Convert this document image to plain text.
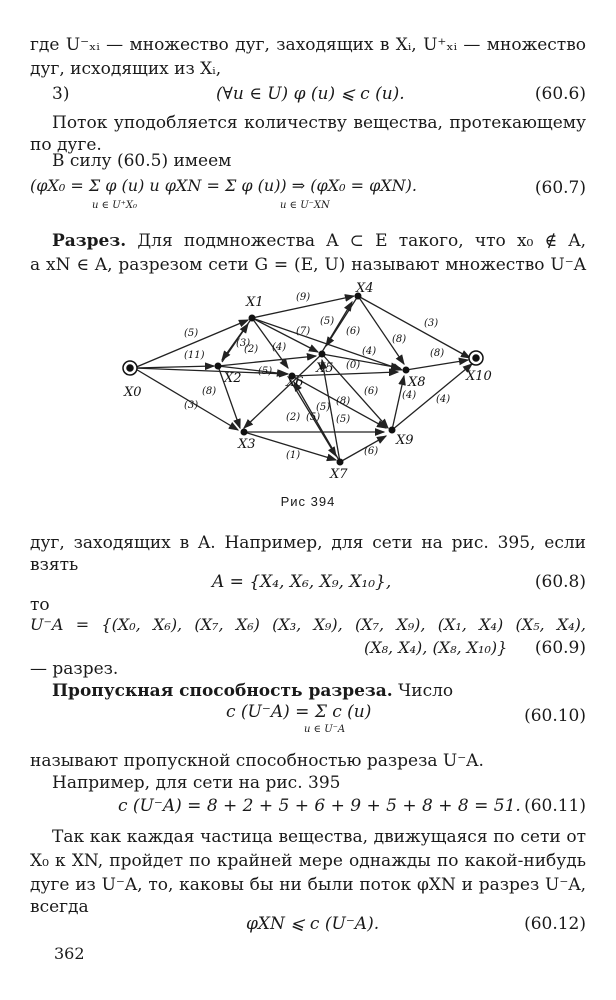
где U⁻ₓᵢ — множество дуг, заходящих в Xᵢ, U⁺ₓᵢ — множество
дуг, исходящих из Xᵢ,
3)	(∀u ∈ U) φ (u) ⩽ c (u).	(60.6)
Поток уподобляется количеству вещества, протекающему
по дуге.
В силу (60.5) имеем
(φX₀ = Σ φ (u) и φXN = Σ φ (u)) ⇒ (φX₀ = φXN).
u ∈ U⁺X₀	u ∈ U⁻XN
(60.7)
Разрез. Для подмножества A ⊂ E такого, что x₀ ∉ A,
а xN ∈ A, разрезом сети G = (E, U) называют множество U⁻A
X0
X1
X2
X3
X4
X5
X6
X7
X8
X9
X10
(5)
(11)
(3)
(9)
(3)
(2) (4)
(7)
(5)
(6)
(5)
(8)
(4)
(0)
(8)
(6)
(8)
(2) (5) (5)
(1)	(6)
(4)
(3)
(8)
(4)
(5)
Рис 394
дуг, заходящих в A. Например, для сети на рис. 395, если
взять
A = {X₄, X₆, X₉, X₁₀},	(60.8)
то
U⁻A = {(X₀, X₆), (X₇, X₆) (X₃, X₉), (X₇, X₉), (X₁, X₄) (X₅, X₄),
(X₈, X₄), (X₈, X₁₀)} (60.9)
— разрез.
Пропускная способность разреза. Число
c (U⁻A) = Σ c (u)
u ∈ U⁻A
(60.10)
называют пропускной способностью разреза U⁻A.
Например, для сети на рис. 395
c (U⁻A) = 8 + 2 + 5 + 6 + 9 + 5 + 8 + 8 = 51. (60.11)
Так как каждая частица вещества, движущаяся по сети от
X₀ к XN, пройдет по крайней мере однажды по какой-нибудь
дуге из U⁻A, то, каковы бы ни были поток φXN и разрез U⁻A,
всегда
φXN ⩽ c (U⁻A).	(60.12)
362
